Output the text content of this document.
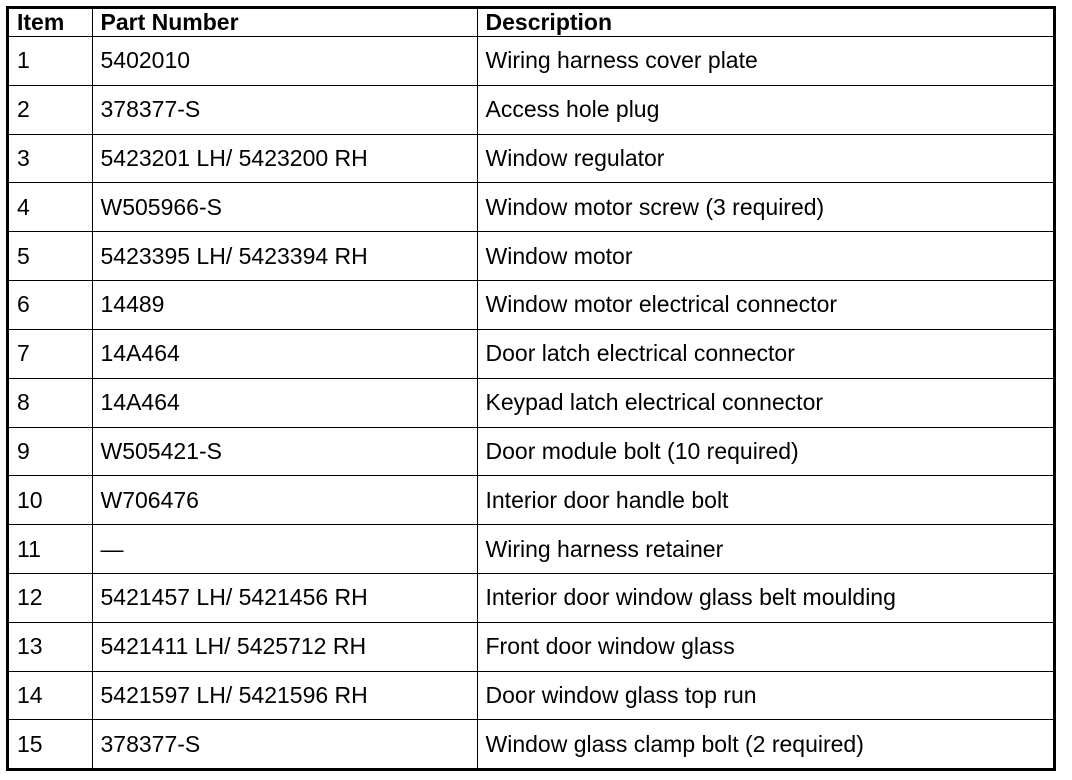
Item	Part Number	Description
1	5402010	Wiring harness cover plate
2	378377-S	Access hole plug
3	5423201 LH/ 5423200 RH	Window regulator
4	W505966-S	Window motor screw (3 required)
5	5423395 LH/ 5423394 RH	Window motor
6	14489	Window motor electrical connector
7	14A464	Door latch electrical connector
8	14A464	Keypad latch electrical connector
9	W505421-S	Door module bolt (10 required)
10	W706476	Interior door handle bolt
11	—	Wiring harness retainer
12	5421457 LH/ 5421456 RH	Interior door window glass belt moulding
13	5421411 LH/ 5425712 RH	Front door window glass
14	5421597 LH/ 5421596 RH	Door window glass top run
15	378377-S	Window glass clamp bolt (2 required)
